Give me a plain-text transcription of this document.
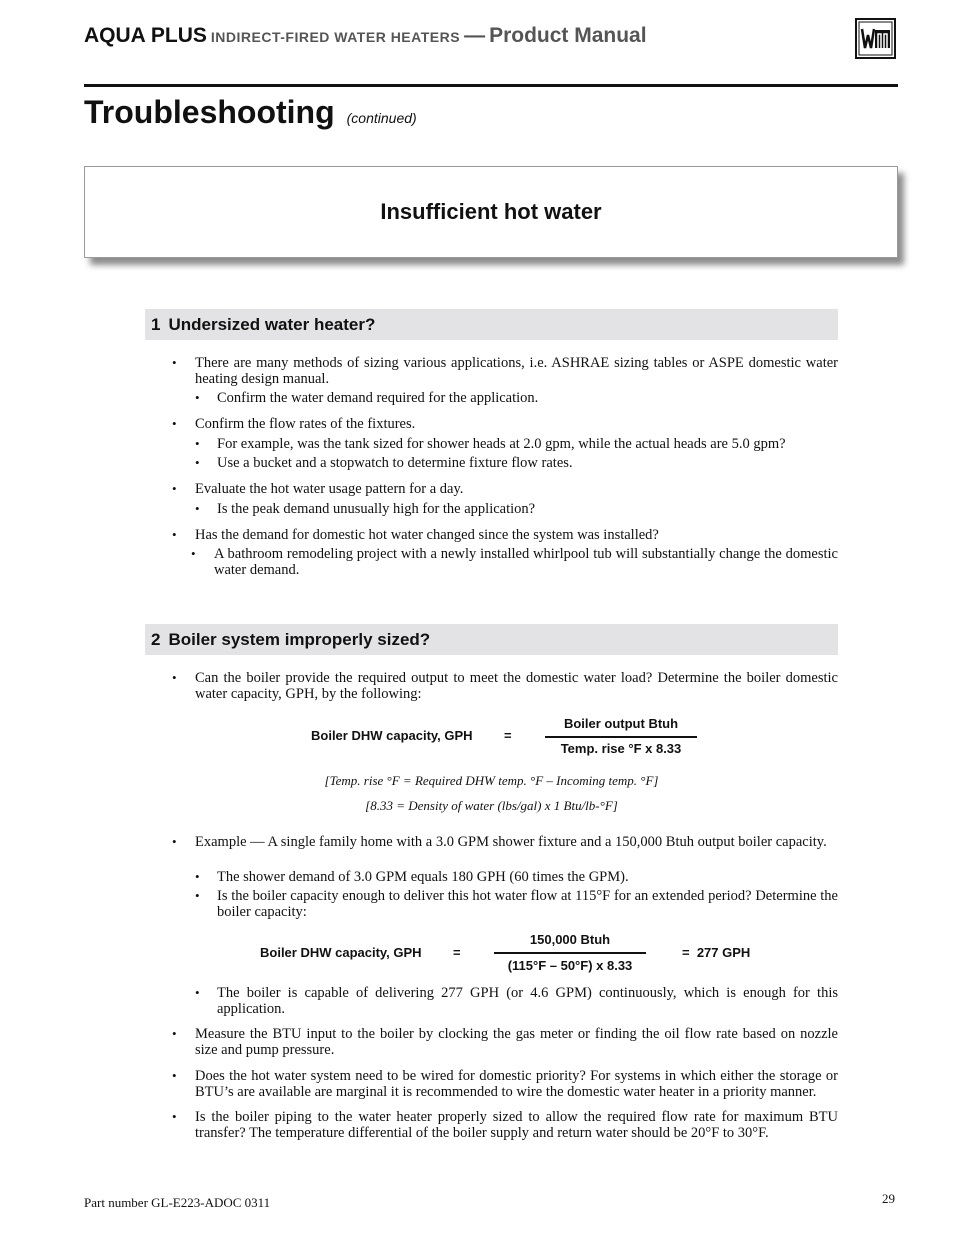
AQUA PLUS INDIRECT-FIRED WATER HEATERS — Product Manual
Troubleshooting (continued)
Insufficient hot water
1 Undersized water heater?
• There are many methods of sizing various applications, i.e. ASHRAE sizing tables or ASPE domestic water heating design manual.
• Confirm the water demand required for the application.
• Confirm the flow rates of the fixtures.
• For example, was the tank sized for shower heads at 2.0 gpm, while the actual heads are 5.0 gpm?
• Use a bucket and a stopwatch to determine fixture flow rates.
• Evaluate the hot water usage pattern for a day.
• Is the peak demand unusually high for the application?
• Has the demand for domestic hot water changed since the system was installed?
• A bathroom remodeling project with a newly installed whirlpool tub will substantially change the domestic water demand.
2 Boiler system improperly sized?
• Can the boiler provide the required output to meet the domestic water load? Determine the boiler domestic water capacity, GPH, by the following:
Boiler DHW capacity, GPH =
Boiler output Btuh
Temp. rise °F x 8.33
[Temp. rise °F = Required DHW temp. °F – Incoming temp. °F]
[8.33 = Density of water (lbs/gal) x 1 Btu/lb-°F]
• Example — A single family home with a 3.0 GPM shower fixture and a 150,000 Btuh output boiler capacity.
• The shower demand of 3.0 GPM equals 180 GPH (60 times the GPM).
• Is the boiler capacity enough to deliver this hot water flow at 115°F for an extended period? Determine the boiler capacity:
Boiler DHW capacity, GPH =
150,000 Btuh
(115°F – 50°F) x 8.33
=  277 GPH
• The boiler is capable of delivering 277 GPH (or 4.6 GPM) continuously, which is enough for this application.
• Measure the BTU input to the boiler by clocking the gas meter or finding the oil flow rate based on nozzle size and pump pressure.
• Does the hot water system need to be wired for domestic priority? For systems in which either the storage or BTU’s are available are marginal it is recommended to wire the domestic water heater in a priority manner.
• Is the boiler piping to the water heater properly sized to allow the required flow rate for maximum BTU transfer? The temperature differential of the boiler supply and return water should be 20°F to 30°F.
Part number GL-E223-ADOC 0311	29
